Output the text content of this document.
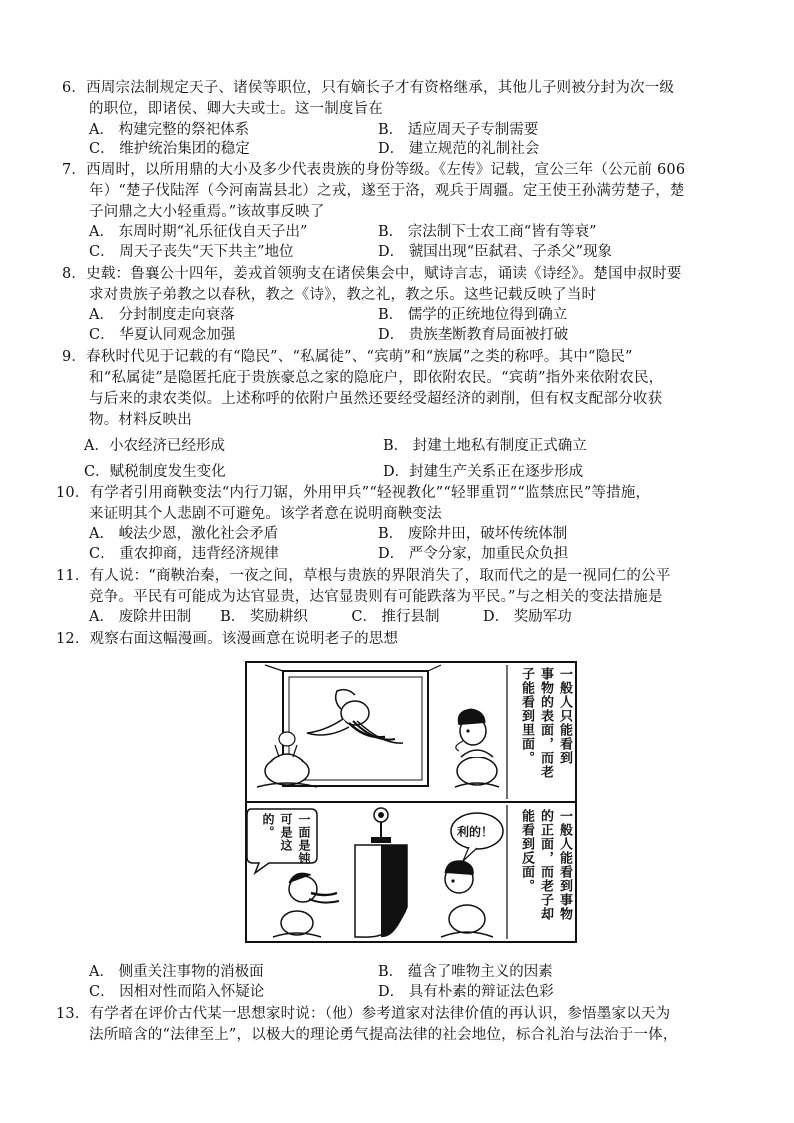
6．西周宗法制规定天子、诸侯等职位，只有嫡长子才有资格继承，其他儿子则被分封为次一级
的职位，即诸侯、卿大夫或士。这一制度旨在
A． 构建完整的祭祀体系	B． 适应周天子专制需要
C． 维护统治集团的稳定	D． 建立规范的礼制社会
7．西周时，以所用鼎的大小及多少代表贵族的身份等级。《左传》记载，宣公三年（公元前 606
年）“楚子伐陆浑（今河南嵩县北）之戎，遂至于洛，观兵于周疆。定王使王孙满劳楚子，楚
子问鼎之大小轻重焉。”该故事反映了
A． 东周时期“礼乐征伐自天子出”	B． 宗法制下士农工商“皆有等衰”
C． 周天子丧失“天下共主”地位	D． 虢国出现“臣弑君、子杀父”现象
8．史载：鲁襄公十四年，姜戎首领驹支在诸侯集会中，赋诗言志，诵读《诗经》。楚国申叔时要
求对贵族子弟教之以春秋，教之《诗》，教之礼，教之乐。这些记载反映了当时
A． 分封制度走向衰落	B． 儒学的正统地位得到确立
C． 华夏认同观念加强	D． 贵族垄断教育局面被打破
9．春秋时代见于记载的有“隐民”、“私属徒”、“宾萌”和“族属”之类的称呼。其中“隐民”
和“私属徒”是隐匿托庇于贵族豪总之家的隐庇户，即依附农民。“宾萌”指外来依附农民，
与后来的隶农类似。上述称呼的依附户虽然还要经受超经济的剥削，但有权支配部分收获
物。材料反映出
A．小农经济已经形成	B． 封建土地私有制度正式确立
C．赋税制度发生变化	D．封建生产关系正在逐步形成
10．有学者引用商鞅变法“内行刀锯，外用甲兵”“轻视教化”“轻罪重罚”“监禁庶民”等措施，
来证明其个人悲剧不可避免。该学者意在说明商鞅变法
A． 峻法少恩，激化社会矛盾	B． 废除井田，破坏传统体制
C． 重农抑商，违背经济规律	D． 严令分家，加重民众负担
11．有人说：“商鞅治秦，一夜之间，草根与贵族的界限消失了，取而代之的是一视同仁的公平
竞争。平民有可能成为达官显贵，达官显贵则有可能跌落为平民。”与之相关的变法措施是
A． 废除井田制　　B． 奖励耕织　　　C． 推行县制　　　D． 奖励军功
12．观察右面这幅漫画。该漫画意在说明老子的思想
一般人只能看到
事物的表面，而老
子能看到里面。
一面是钝
可是这
的。	利的！	一般人能看到事物
的正面，而老子却
能看到反面。
A． 侧重关注事物的消极面	B． 蕴含了唯物主义的因素
C． 因相对性而陷入怀疑论	D． 具有朴素的辩证法色彩
13．有学者在评价古代某一思想家时说：（他）参考道家对法律价值的再认识，参悟墨家以天为
法所暗含的“法律至上”，以极大的理论勇气提高法律的社会地位，标合礼治与法治于一体，
